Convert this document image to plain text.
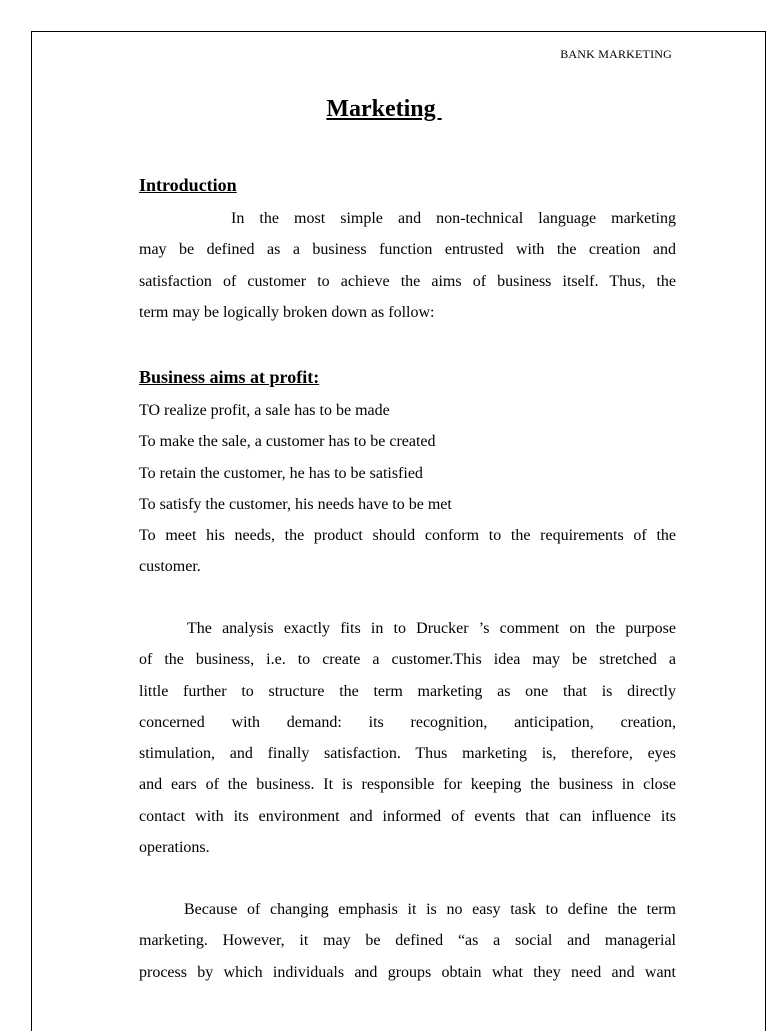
BANK MARKETING
Marketing
Introduction
In the most simple and non-technical language marketing
may be defined as a business function entrusted with the creation and
satisfaction of customer to achieve the aims of business itself. Thus, the
term may be logically broken down as follow:
Business aims at profit:
TO realize profit, a sale has to be made
To make the sale, a customer has to be created
To retain the customer, he has to be satisfied
To satisfy the customer, his needs have to be met
To meet his needs, the product should conform to the requirements of the
customer.
The analysis exactly fits in to Drucker ’s comment on the purpose
of the business, i.e. to create a customer.This idea may be stretched a
little further to structure the term marketing as one that is directly
concerned with demand: its recognition, anticipation, creation,
stimulation, and finally satisfaction. Thus marketing is, therefore, eyes
and ears of the business. It is responsible for keeping the business in close
contact with its environment and informed of events that can influence its
operations.
Because of changing emphasis it is no easy task to define the term
marketing. However, it may be defined “as a social and managerial
process by which individuals and groups obtain what they need and want
